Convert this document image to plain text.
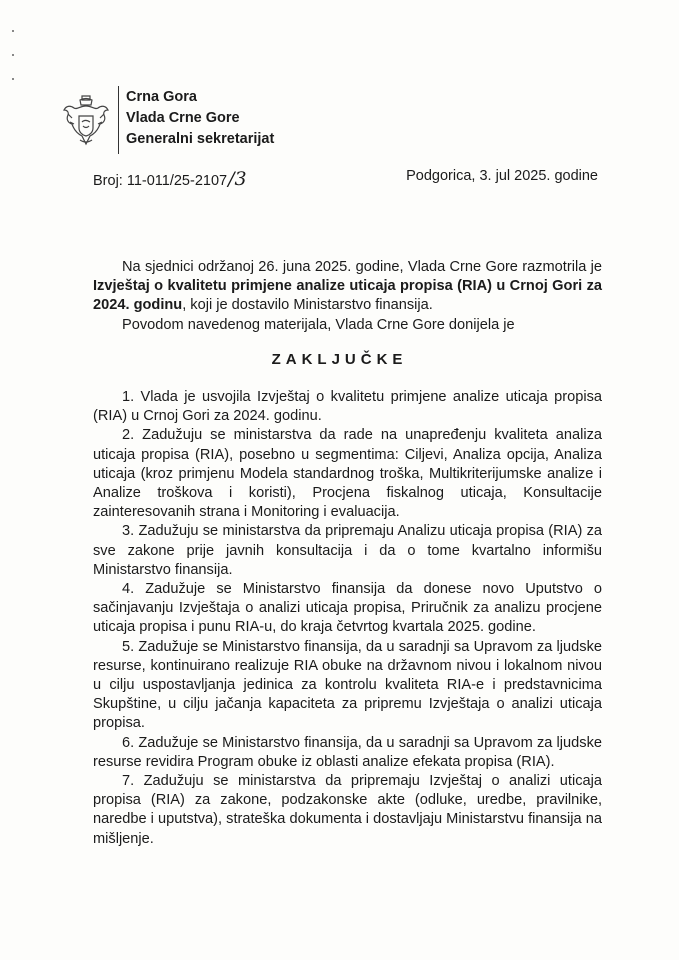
Crna Gora
Vlada Crne Gore
Generalni sekretarijat
Broj: 11-011/25-2107/3	Podgorica, 3. jul 2025. godine

Na sjednici održanoj 26. juna 2025. godine, Vlada Crne Gore razmotrila je Izvještaj o kvalitetu primjene analize uticaja propisa (RIA) u Crnoj Gori za 2024. godinu, koji je dostavilo Ministarstvo finansija.

Povodom navedenog materijala, Vlada Crne Gore donijela je

ZAKLJUČKE

1. Vlada je usvojila Izvještaj o kvalitetu primjene analize uticaja propisa (RIA) u Crnoj Gori za 2024. godinu.

2. Zadužuju se ministarstva da rade na unapređenju kvaliteta analiza uticaja propisa (RIA), posebno u segmentima: Ciljevi, Analiza opcija, Analiza uticaja (kroz primjenu Modela standardnog troška, Multikriterijumske analize i Analize troškova i koristi), Procjena fiskalnog uticaja, Konsultacije zainteresovanih strana i Monitoring i evaluacija.

3. Zadužuju se ministarstva da pripremaju Analizu uticaja propisa (RIA) za sve zakone prije javnih konsultacija i da o tome kvartalno informišu Ministarstvo finansija.

4. Zadužuje se Ministarstvo finansija da donese novo Uputstvo o sačinjavanju Izvještaja o analizi uticaja propisa, Priručnik za analizu procjene uticaja propisa i punu RIA-u, do kraja četvrtog kvartala 2025. godine.

5. Zadužuje se Ministarstvo finansija, da u saradnji sa Upravom za ljudske resurse, kontinuirano realizuje RIA obuke na državnom nivou i lokalnom nivou u cilju uspostavljanja jedinica za kontrolu kvaliteta RIA-e i predstavnicima Skupštine, u cilju jačanja kapaciteta za pripremu Izvještaja o analizi uticaja propisa.

6. Zadužuje se Ministarstvo finansija, da u saradnji sa Upravom za ljudske resurse revidira Program obuke iz oblasti analize efekata propisa (RIA).

7. Zadužuju se ministarstva da pripremaju Izvještaj o analizi uticaja propisa (RIA) za zakone, podzakonske akte (odluke, uredbe, pravilnike, naredbe i uputstva), strateška dokumenta i dostavljaju Ministarstvu finansija na mišljenje.
